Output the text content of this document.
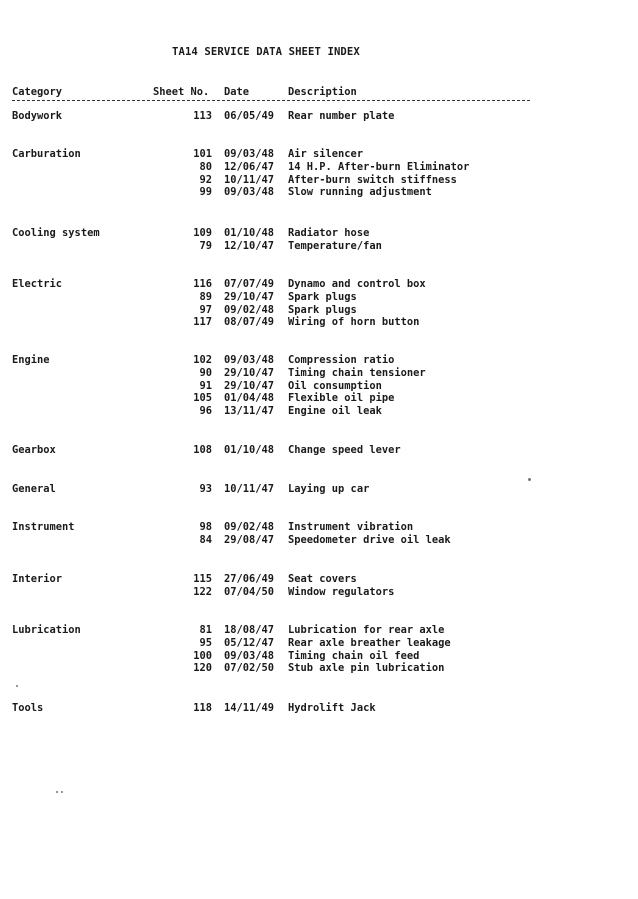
TA14 SERVICE DATA SHEET INDEX
Category	Sheet No. Date	Description
Bodywork	113 06/05/49 Rear number plate
Carburation	101 09/03/48 Air silencer
80 12/06/47 14 H.P. After-burn Eliminator
92 10/11/47 After-burn switch stiffness
99 09/03/48 Slow running adjustment
Cooling system	109 01/10/48 Radiator hose
79 12/10/47 Temperature/fan
Electric	116 07/07/49 Dynamo and control box
89 29/10/47 Spark plugs
97 09/02/48 Spark plugs
117 08/07/49 Wiring of horn button
Engine	102 09/03/48 Compression ratio
90 29/10/47 Timing chain tensioner
91 29/10/47 Oil consumption
105 01/04/48 Flexible oil pipe
96 13/11/47 Engine oil leak
Gearbox	108 01/10/48 Change speed lever
General	93 10/11/47 Laying up car
Instrument	98 09/02/48 Instrument vibration
84 29/08/47 Speedometer drive oil leak
Interior	115 27/06/49 Seat covers
122 07/04/50 Window regulators
Lubrication	81 18/08/47 Lubrication for rear axle
95 05/12/47 Rear axle breather leakage
100 09/03/48 Timing chain oil feed
120 07/02/50 Stub axle pin lubrication
Tools	118 14/11/49 Hydrolift Jack
